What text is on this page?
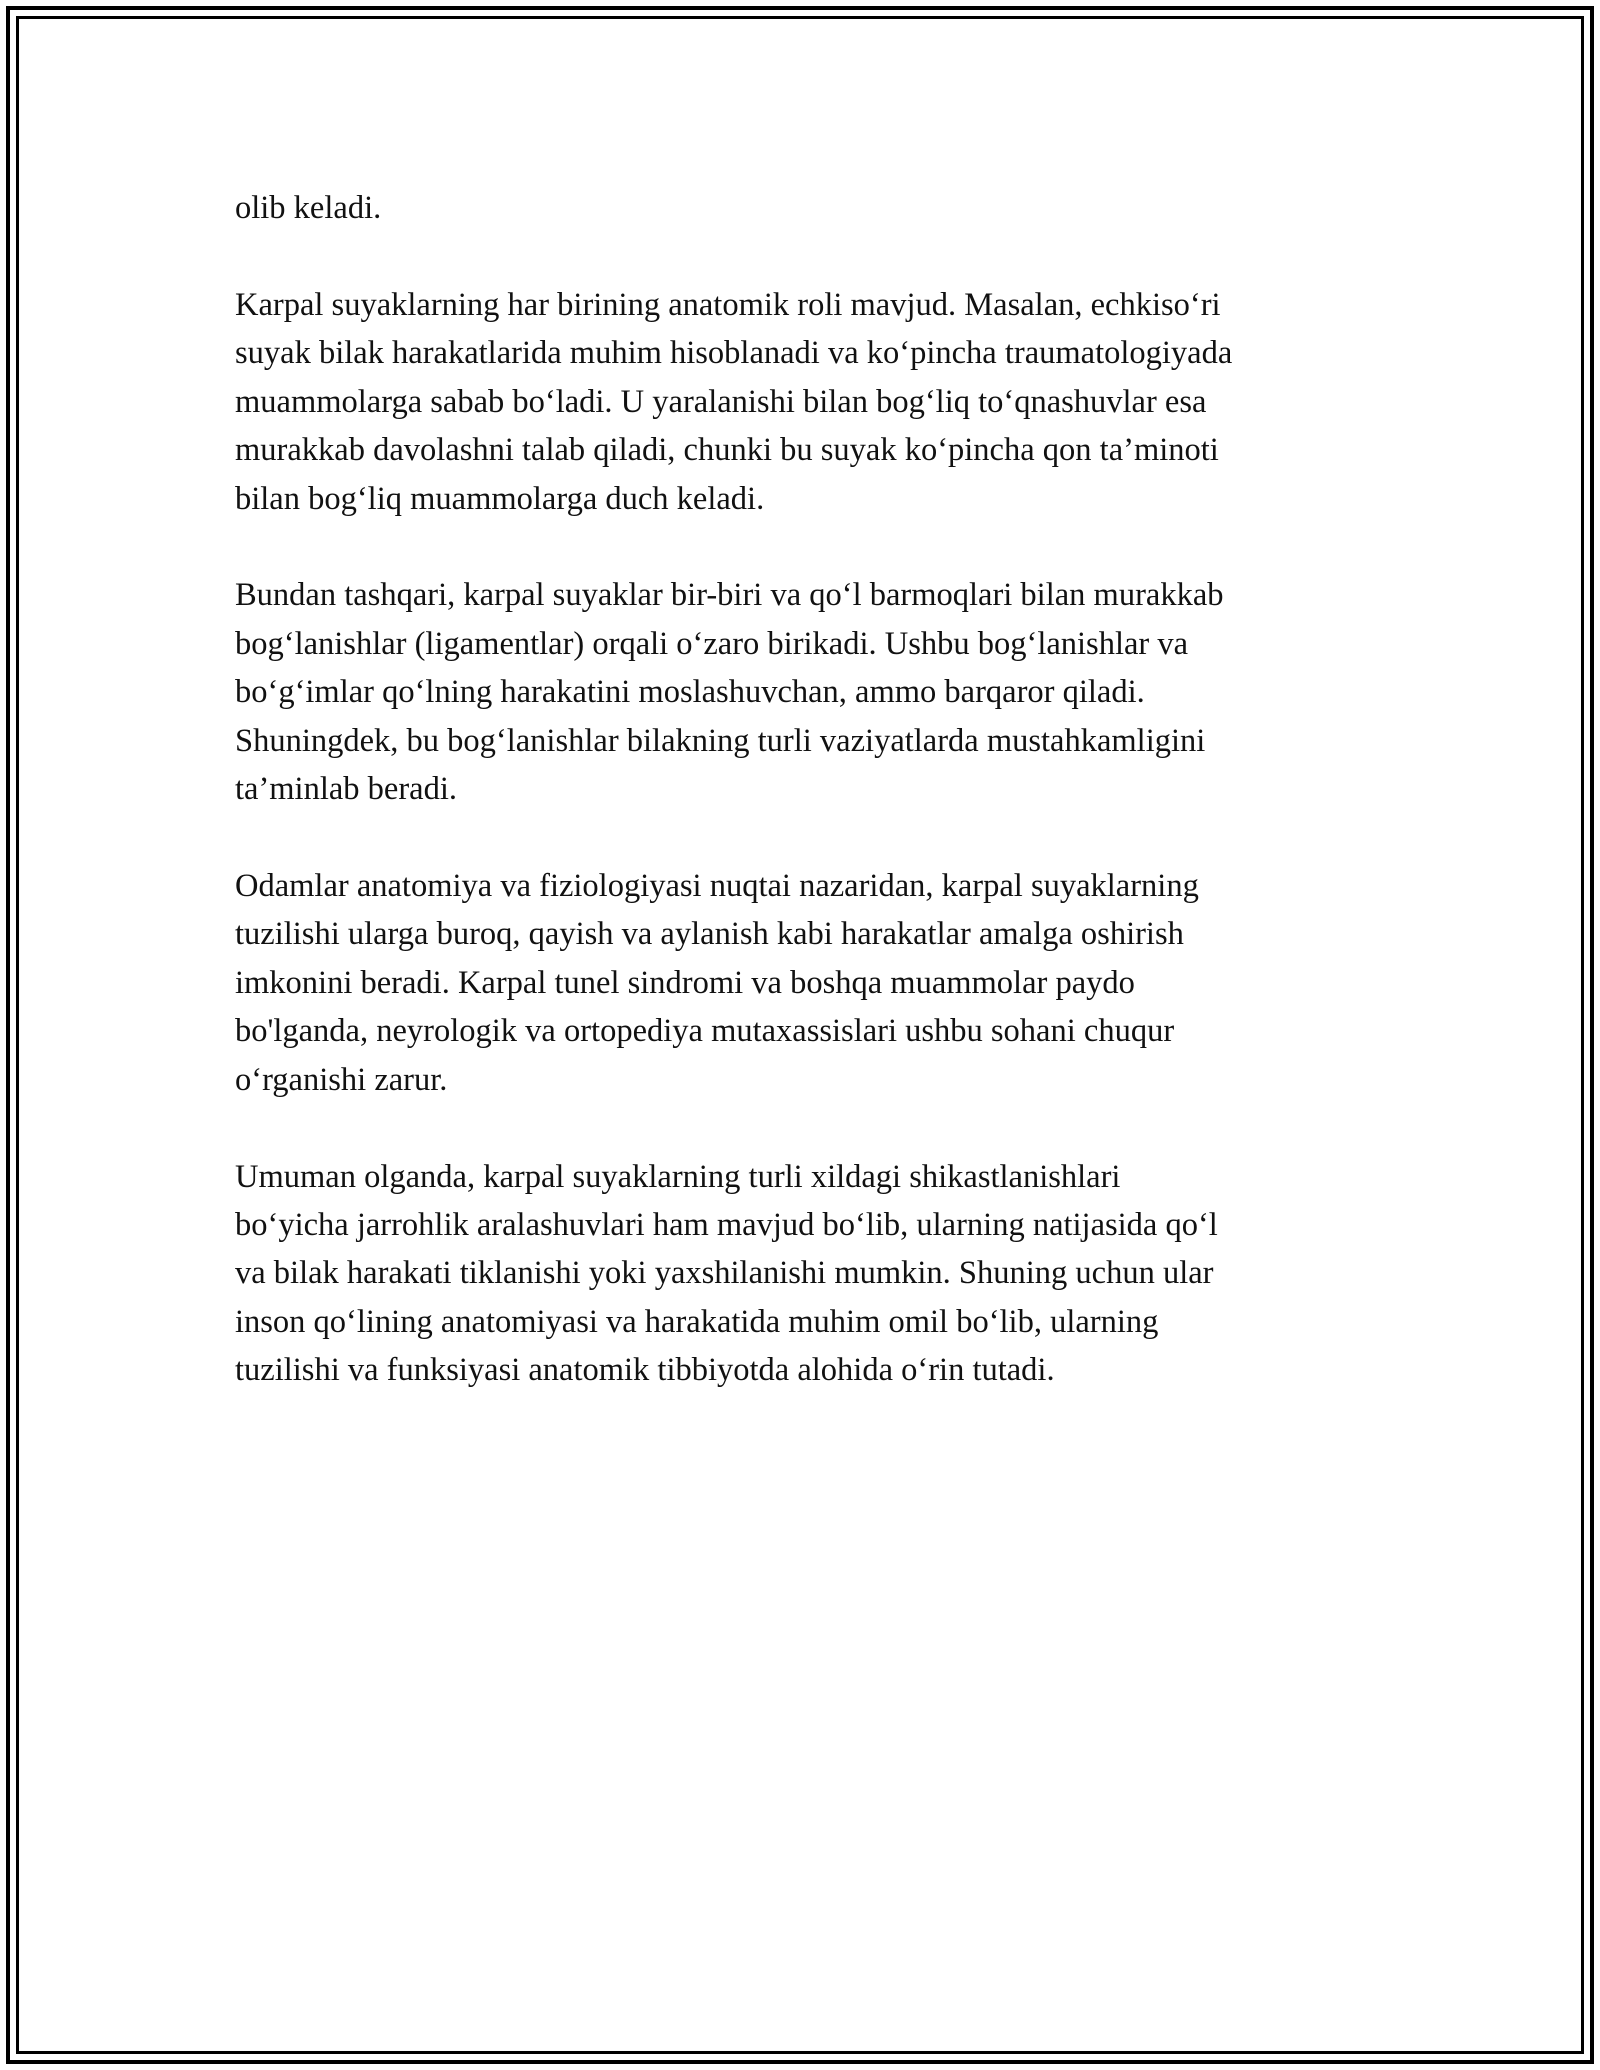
olib keladi.

Karpal suyaklarning har birining anatomik roli mavjud. Masalan, echkiso‘ri
suyak bilak harakatlarida muhim hisoblanadi va ko‘pincha traumatologiyada
muammolarga sabab bo‘ladi. U yaralanishi bilan bog‘liq to‘qnashuvlar esa
murakkab davolashni talab qiladi, chunki bu suyak ko‘pincha qon ta’minoti
bilan bog‘liq muammolarga duch keladi.

Bundan tashqari, karpal suyaklar bir-biri va qo‘l barmoqlari bilan murakkab
bog‘lanishlar (ligamentlar) orqali o‘zaro birikadi. Ushbu bog‘lanishlar va
bo‘g‘imlar qo‘lning harakatini moslashuvchan, ammo barqaror qiladi.
Shuningdek, bu bog‘lanishlar bilakning turli vaziyatlarda mustahkamligini
ta’minlab beradi.

Odamlar anatomiya va fiziologiyasi nuqtai nazaridan, karpal suyaklarning
tuzilishi ularga buroq, qayish va aylanish kabi harakatlar amalga oshirish
imkonini beradi. Karpal tunel sindromi va boshqa muammolar paydo
bo'lganda, neyrologik va ortopediya mutaxassislari ushbu sohani chuqur
o‘rganishi zarur.

Umuman olganda, karpal suyaklarning turli xildagi shikastlanishlari
bo‘yicha jarrohlik aralashuvlari ham mavjud bo‘lib, ularning natijasida qo‘l
va bilak harakati tiklanishi yoki yaxshilanishi mumkin. Shuning uchun ular
inson qo‘lining anatomiyasi va harakatida muhim omil bo‘lib, ularning
tuzilishi va funksiyasi anatomik tibbiyotda alohida o‘rin tutadi.
